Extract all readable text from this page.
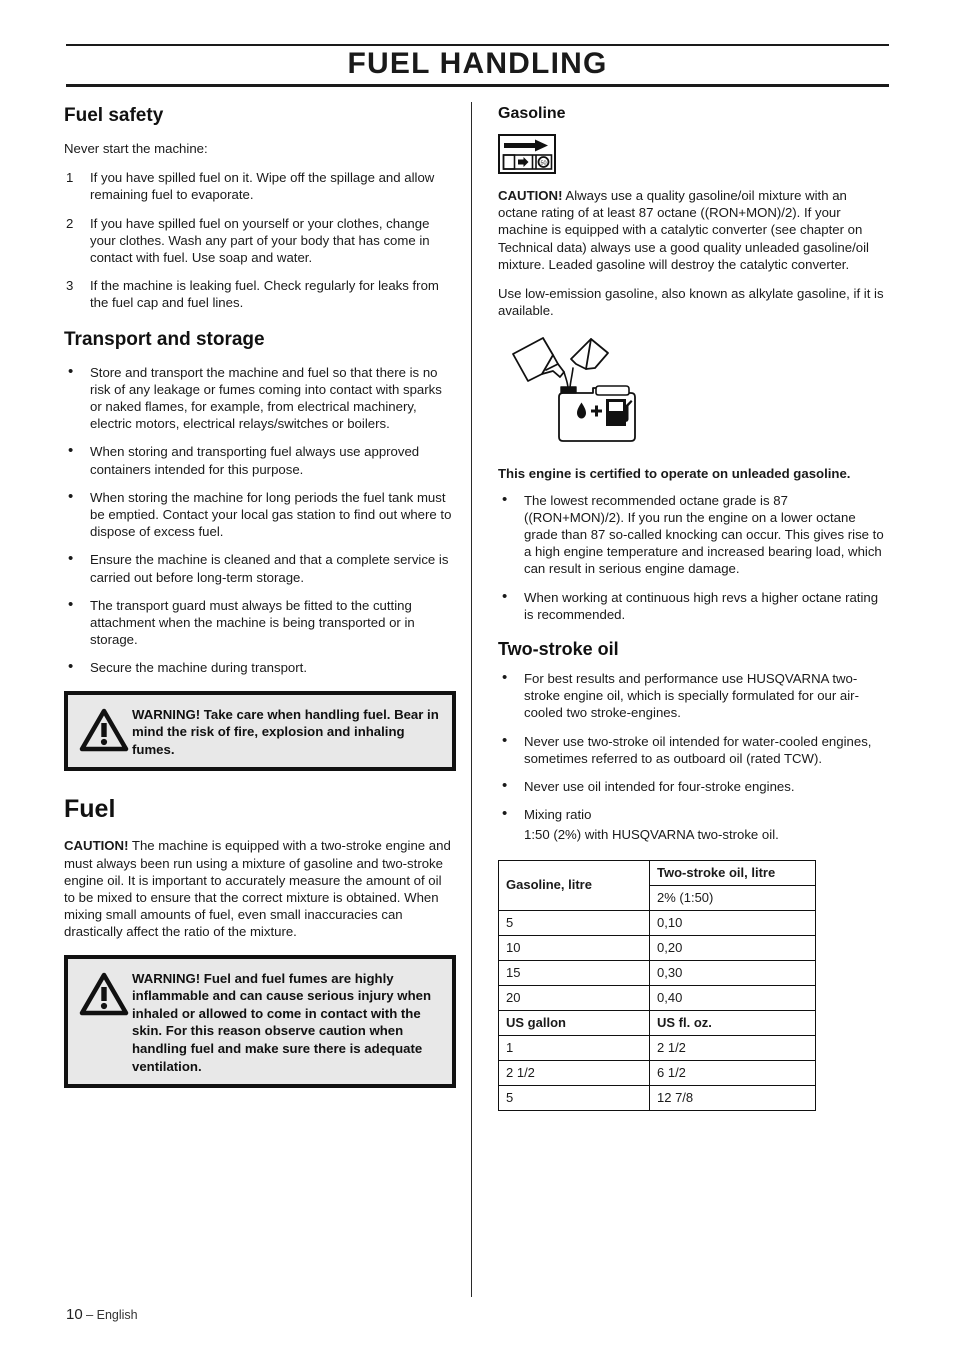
FUEL HANDLING
Fuel safety

Never start the machine:

1 If you have spilled fuel on it. Wipe off the spillage and allow remaining fuel to evaporate.
2 If you have spilled fuel on yourself or your clothes, change your clothes. Wash any part of your body that has come in contact with fuel. Use soap and water.
3 If the machine is leaking fuel. Check regularly for leaks from the fuel cap and fuel lines.
Transport and storage
• Store and transport the machine and fuel so that there is no risk of any leakage or fumes coming into contact with sparks or naked flames, for example, from electrical machinery, electric motors, electrical relays/switches or boilers.
• When storing and transporting fuel always use approved containers intended for this purpose.
• When storing the machine for long periods the fuel tank must be emptied. Contact your local gas station to find out where to dispose of excess fuel.
• Ensure the machine is cleaned and that a complete service is carried out before long-term storage.
• The transport guard must always be fitted to the cutting attachment when the machine is being transported or in storage.
• Secure the machine during transport.
WARNING! Take care when handling fuel. Bear in mind the risk of fire, explosion and inhaling fumes.
Fuel

CAUTION! The machine is equipped with a two-stroke engine and must always been run using a mixture of gasoline and two-stroke engine oil. It is important to accurately measure the amount of oil to be mixed to ensure that the correct mixture is obtained. When mixing small amounts of fuel, even small inaccuracies can drastically affect the ratio of the mixture.

WARNING! Fuel and fuel fumes are highly inflammable and can cause serious injury when inhaled or allowed to come in contact with the skin. For this reason observe caution when handling fuel and make sure there is adequate ventilation.
Gasoline
50

CAUTION! Always use a quality gasoline/oil mixture with an octane rating of at least 87 octane ((RON+MON)/2). If your machine is equipped with a catalytic converter (see chapter on Technical data) always use a good quality unleaded gasoline/oil mixture. Leaded gasoline will destroy the catalytic converter.

Use low-emission gasoline, also known as alkylate gasoline, if it is available.

This engine is certified to operate on unleaded gasoline.

• The lowest recommended octane grade is 87 ((RON+MON)/2). If you run the engine on a lower octane grade than 87 so-called knocking can occur. This gives rise to a high engine temperature and increased bearing load, which can result in serious engine damage.
• When working at continuous high revs a higher octane rating is recommended.
Two-stroke oil
• For best results and performance use HUSQVARNA two-stroke engine oil, which is specially formulated for our air-cooled two stroke-engines.
• Never use two-stroke oil intended for water-cooled engines, sometimes referred to as outboard oil (rated TCW).
• Never use oil intended for four-stroke engines.
• Mixing ratio
1:50 (2%) with HUSQVARNA two-stroke oil.
Gasoline, litre	Two-stroke oil, litre
	2% (1:50)
5	0,10
10	0,20
15	0,30
20	0,40
US gallon	US fl. oz.
1	2 1/2
2 1/2	6 1/2
5	12 7/8
10 – English
